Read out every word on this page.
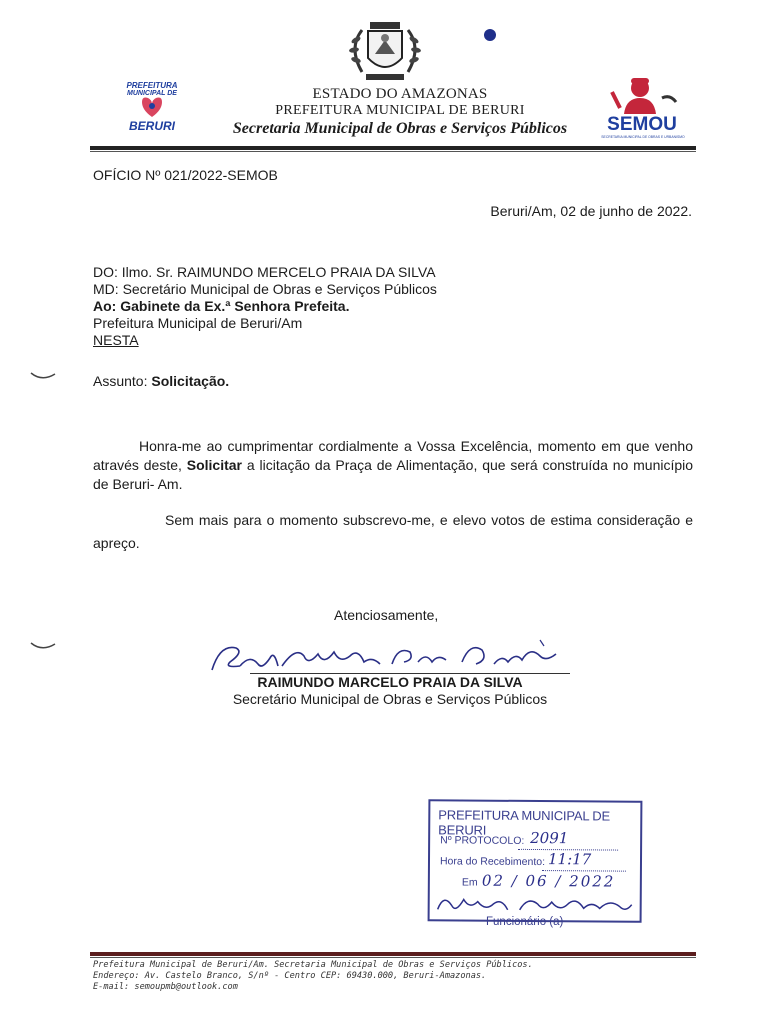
PREFEITURA
MUNICIPAL DE
BERURI
ESTADO DO AMAZONAS
PREFEITURA MUNICIPAL DE BERURI
Secretaria Municipal de Obras e Serviços Públicos	SEMOU
SECRETARIA MUNICIPAL DE OBRAS E URBANISMO
OFÍCIO Nº 021/2022-SEMOB
Beruri/Am, 02 de junho de 2022.
DO: Ilmo. Sr. RAIMUNDO MERCELO PRAIA DA SILVA
MD: Secretário Municipal de Obras e Serviços Públicos
Ao: Gabinete da Ex.ª Senhora Prefeita.
Prefeitura Municipal de Beruri/Am
NESTA
Assunto: Solicitação.
Honra-me ao cumprimentar cordialmente a Vossa Excelência, momento em que venho através deste, Solicitar a licitação da Praça de Alimentação, que será construída no município de Beruri- Am.
Sem mais para o momento subscrevo-me, e elevo votos de estima consideração e apreço.
Atenciosamente,
RAIMUNDO MARCELO PRAIA DA SILVA
Secretário Municipal de Obras e Serviços Públicos
PREFEITURA MUNICIPAL DE BERURI
Nº PROTOCOLO: 2091
Hora do Recebimento: 11:17
Em 02 / 06 / 2022
Funcionário (a)
Prefeitura Municipal de Beruri/Am. Secretaria Municipal de Obras e Serviços Públicos.
Endereço: Av. Castelo Branco, S/nº - Centro CEP: 69430.000, Beruri-Amazonas.
E-mail: semoupmb@outlook.com
